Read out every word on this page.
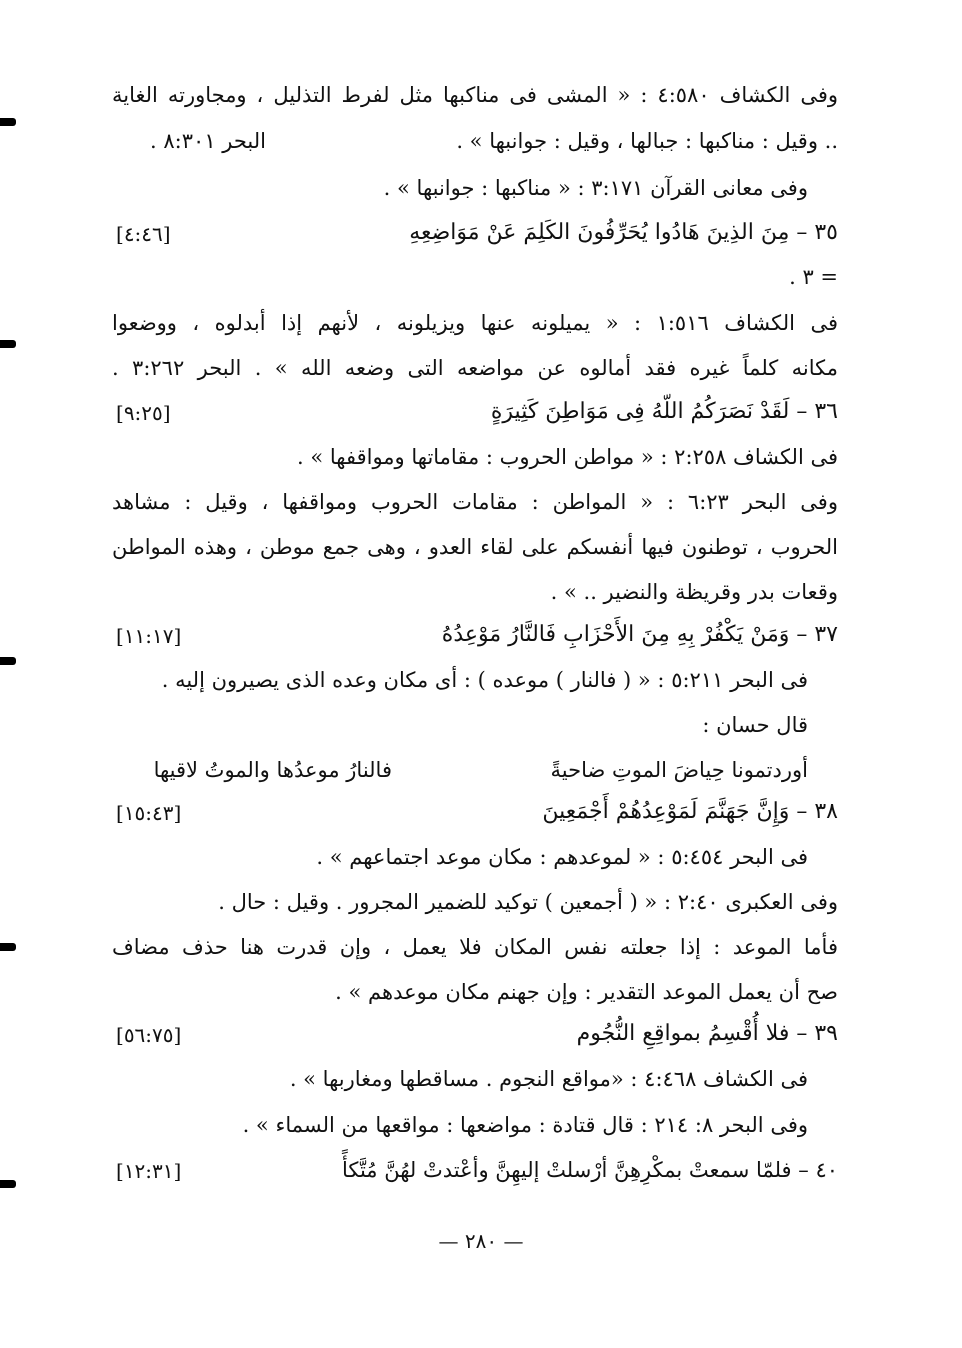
وفى الكشاف ٤:٥٨٠ : « المشى فى مناكبها مثل لفرط التذليل ، ومجاورته الغاية
.. وقيل : مناكبها : جبالها ، وقيل : جوانبها » .
البحر ٨:٣٠١ .
وفى معانى القرآن ٣:١٧١ : « مناكبها : جوانبها » .
٣٥ – مِنَ الذِينَ هَادُوا يُحَرِّفُونَ الكَلِمَ عَنْ مَوَاضِعِهِ
[٤:٤٦]
= ٣ .
فى الكشاف ١:٥١٦ : « يميلونه عنها ويزيلونه ، لأنهم إذا أبدلوه ، ووضعوا
مكانه كلماً غيره فقد أمالوه عن مواضعه التى وضعه الله » . البحر ٣:٢٦٢ .
٣٦ – لَقَدْ نَصَرَكُمُ اللّهُ فِى مَوَاطِنَ كَثِيرَةٍ
[٩:٢٥]
فى الكشاف ٢:٢٥٨ : « مواطن الحروب : مقاماتها ومواقفها » .
وفى البحر ٦:٢٣ : « المواطن : مقامات الحروب ومواقفها ، وقيل : مشاهد
الحروب ، توطنون فيها أنفسكم على لقاء العدو ، وهى جمع موطن ، وهذه المواطن
وقعات بدر وقريظة والنضير .. » .
٣٧ – وَمَنْ يَكْفُرْ بِهِ مِنَ الأَحْزَابِ فَالنَّارُ مَوْعِدُهُ
[١١:١٧]
فى البحر ٥:٢١١ : « ( فالنار ) موعده ) : أى مكان وعده الذى يصيرون إليه .
قال حسان :
أوردتمونا حِياضَ الموتِ ضاحيةً
فالنارُ موعدُها والموتُ لاقيها
٣٨ – وَإِنَّ جَهَنَّمَ لَمَوْعِدُهُمْ أَجْمَعِينَ
[١٥:٤٣]
فى البحر ٥:٤٥٤ : « لموعدهم : مكان موعد اجتماعهم » .
وفى العكبرى ٢:٤٠ : « ( أجمعين ) توكيد للضمير المجرور . وقيل : حال .
فأما الموعد : إذا جعلته نفس المكان فلا يعمل ، وإن قدرت هنا حذف مضاف
صح أن يعمل الموعد التقدير : وإن جهنم مكان موعدهم » .
٣٩ – فلا أُقْسِمُ بمواقِعِ النُّجُوم
[٥٦:٧٥]
فى الكشاف ٤:٤٦٨ : «مواقع النجوم . مساقطها ومغاربها » .
وفى البحر ٨: ٢١٤ : قال قتادة : مواضعها : مواقعها من السماء » .
٤٠ – فلمّا سمعتْ بمكْرِهِنَّ أرْسلتْ إليهِنَّ وأعْتدتْ لهُنَّ مُتَّكأً
[١٢:٣١]
— ٢٨٠ —
